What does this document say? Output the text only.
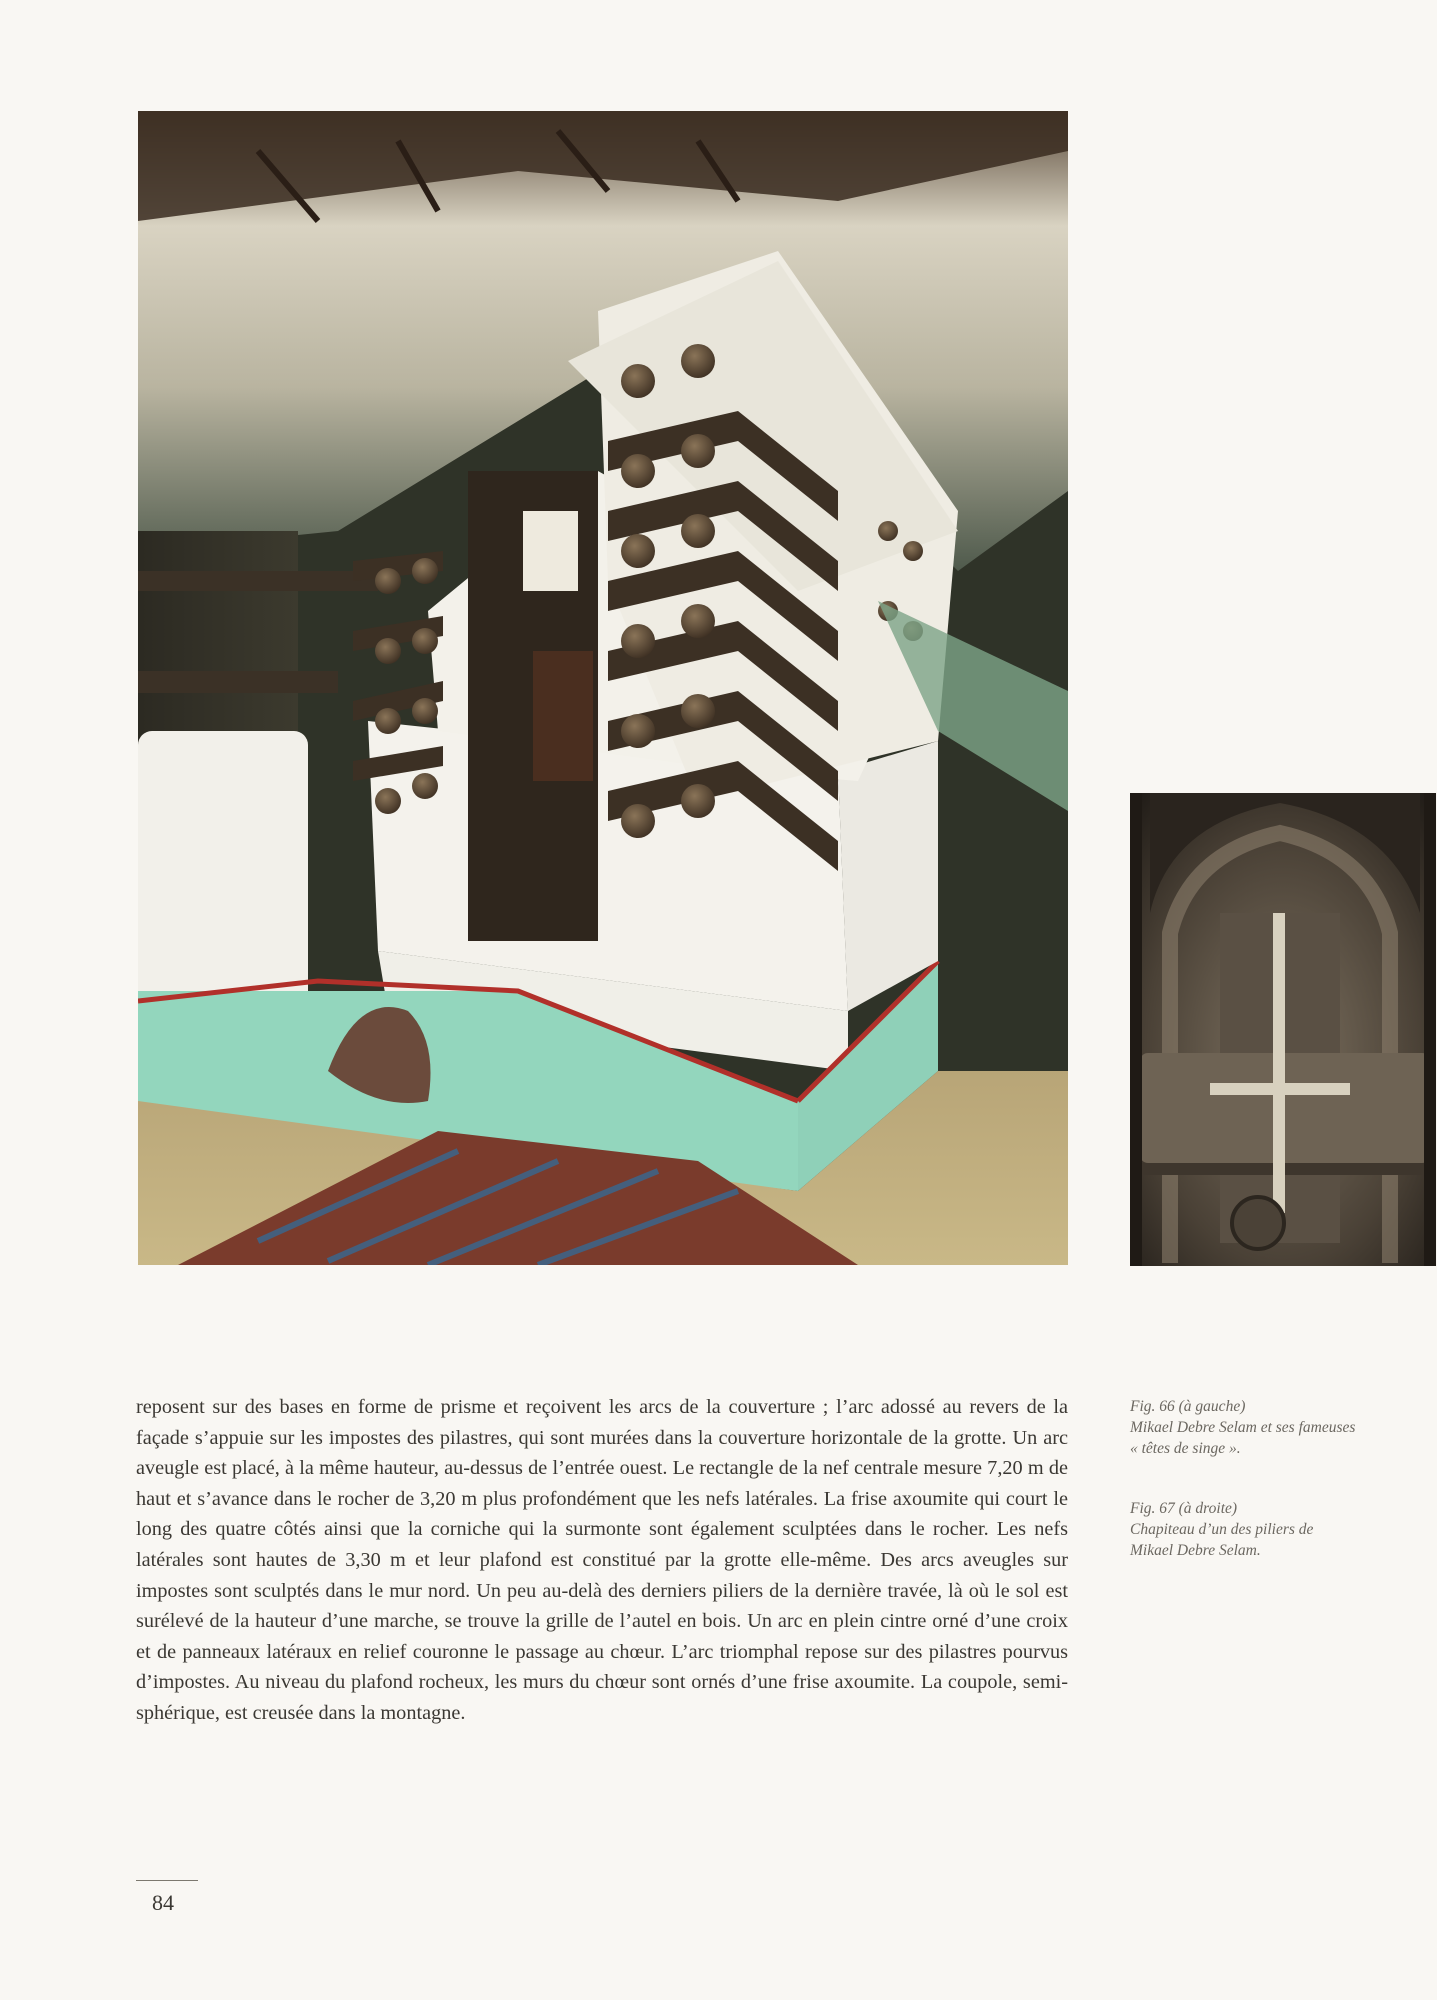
reposent sur des bases en forme de prisme et reçoivent les arcs de la couverture ; l’arc adossé au revers de la façade s’appuie sur les impostes des pilastres, qui sont murées dans la couverture horizontale de la grotte. Un arc aveugle est placé, à la même hauteur, au-dessus de l’entrée ouest. Le rectangle de la nef centrale mesure 7,20 m de haut et s’avance dans le rocher de 3,20 m plus profondément que les nefs latérales. La frise axoumite qui court le long des quatre côtés ainsi que la corniche qui la surmonte sont également sculptées dans le rocher. Les nefs latérales sont hautes de 3,30 m et leur plafond est constitué par la grotte elle-même. Des arcs aveugles sur impostes sont sculptés dans le mur nord. Un peu au-delà des derniers piliers de la dernière travée, là où le sol est surélevé de la hauteur d’une marche, se trouve la grille de l’autel en bois. Un arc en plein cintre orné d’une croix et de panneaux latéraux en relief couronne le passage au chœur. L’arc triomphal repose sur des pilastres pourvus d’impostes. Au niveau du plafond rocheux, les murs du chœur sont ornés d’une frise axoumite. La coupole, semi-sphérique, est creusée dans la montagne.

Fig. 66 (à gauche)
Mikael Debre Selam et ses fameuses « têtes de singe ».

Fig. 67 (à droite)
Chapiteau d’un des piliers de Mikael Debre Selam.

84
